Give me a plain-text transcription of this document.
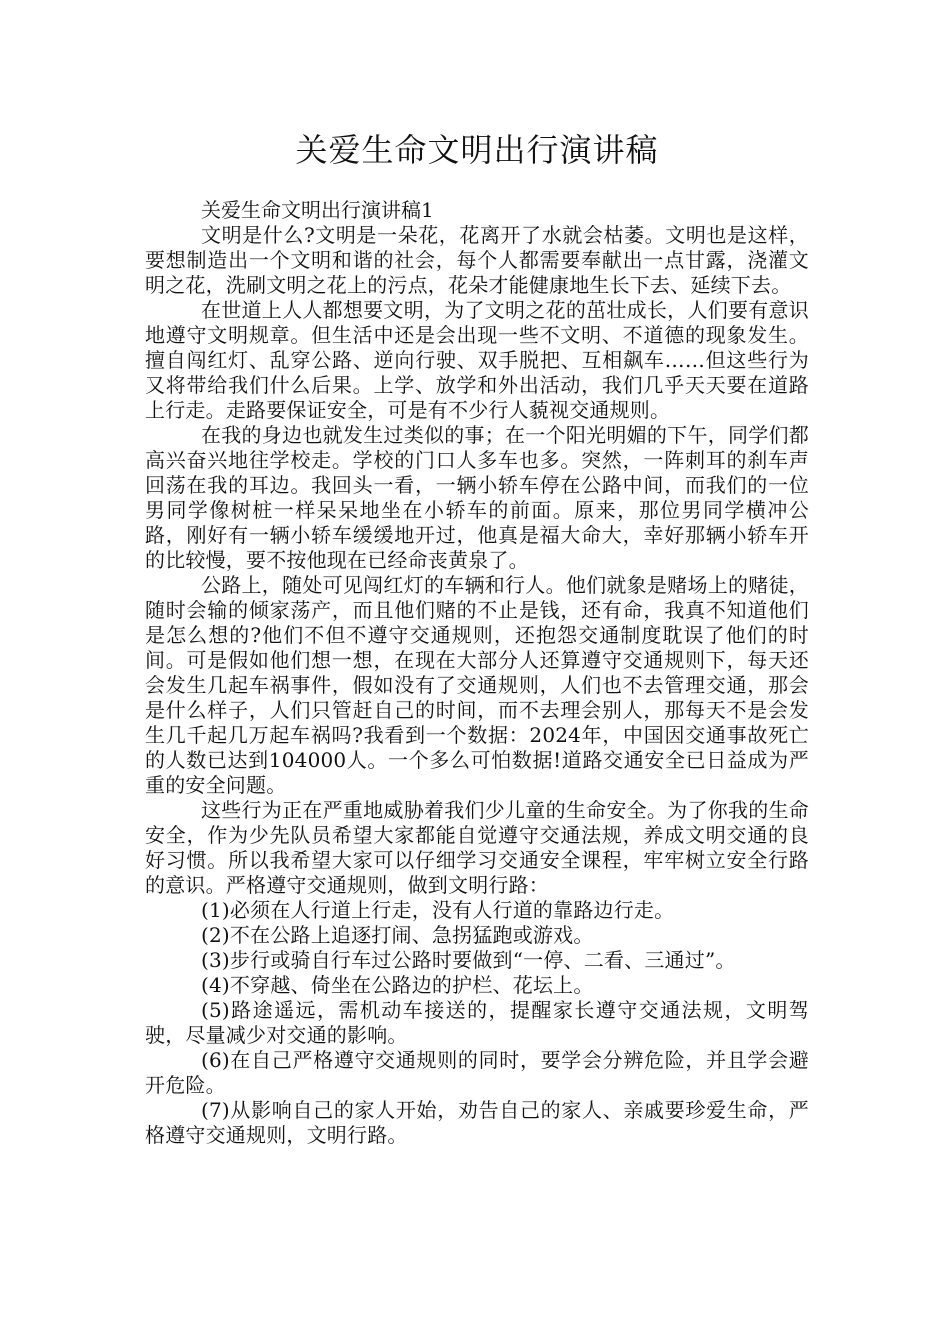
关爱生命文明出行演讲稿

关爱生命文明出行演讲稿1

文明是什么?文明是一朵花，花离开了水就会枯萎。文明也是这样，要想制造出一个文明和谐的社会，每个人都需要奉献出一点甘露，浇灌文明之花，洗刷文明之花上的污点，花朵才能健康地生长下去、延续下去。

在世道上人人都想要文明，为了文明之花的茁壮成长，人们要有意识地遵守文明规章。但生活中还是会出现一些不文明、不道德的现象发生。擅自闯红灯、乱穿公路、逆向行驶、双手脱把、互相飙车……但这些行为又将带给我们什么后果。上学、放学和外出活动，我们几乎天天要在道路上行走。走路要保证安全，可是有不少行人藐视交通规则。

在我的身边也就发生过类似的事；在一个阳光明媚的下午，同学们都高兴奋兴地往学校走。学校的门口人多车也多。突然，一阵刺耳的刹车声回荡在我的耳边。我回头一看，一辆小轿车停在公路中间，而我们的一位男同学像树桩一样呆呆地坐在小轿车的前面。原来，那位男同学横冲公路，刚好有一辆小轿车缓缓地开过，他真是福大命大，幸好那辆小轿车开的比较慢，要不按他现在已经命丧黄泉了。

公路上，随处可见闯红灯的车辆和行人。他们就象是赌场上的赌徒，随时会输的倾家荡产，而且他们赌的不止是钱，还有命，我真不知道他们是怎么想的?他们不但不遵守交通规则，还抱怨交通制度耽误了他们的时间。可是假如他们想一想，在现在大部分人还算遵守交通规则下，每天还会发生几起车祸事件，假如没有了交通规则，人们也不去管理交通，那会是什么样子，人们只管赶自己的时间，而不去理会别人，那每天不是会发生几千起几万起车祸吗?我看到一个数据：2024年，中国因交通事故死亡的人数已达到104000人。一个多么可怕数据!道路交通安全已日益成为严重的安全问题。

这些行为正在严重地威胁着我们少儿童的生命安全。为了你我的生命安全，作为少先队员希望大家都能自觉遵守交通法规，养成文明交通的良好习惯。所以我希望大家可以仔细学习交通安全课程，牢牢树立安全行路的意识。严格遵守交通规则，做到文明行路：

(1)必须在人行道上行走，没有人行道的靠路边行走。

(2)不在公路上追逐打闹、急拐猛跑或游戏。

(3)步行或骑自行车过公路时要做到“一停、二看、三通过”。

(4)不穿越、倚坐在公路边的护栏、花坛上。

(5)路途遥远，需机动车接送的，提醒家长遵守交通法规，文明驾驶，尽量减少对交通的影响。

(6)在自己严格遵守交通规则的同时，要学会分辨危险，并且学会避开危险。

(7)从影响自己的家人开始，劝告自己的家人、亲戚要珍爱生命，严格遵守交通规则，文明行路。
